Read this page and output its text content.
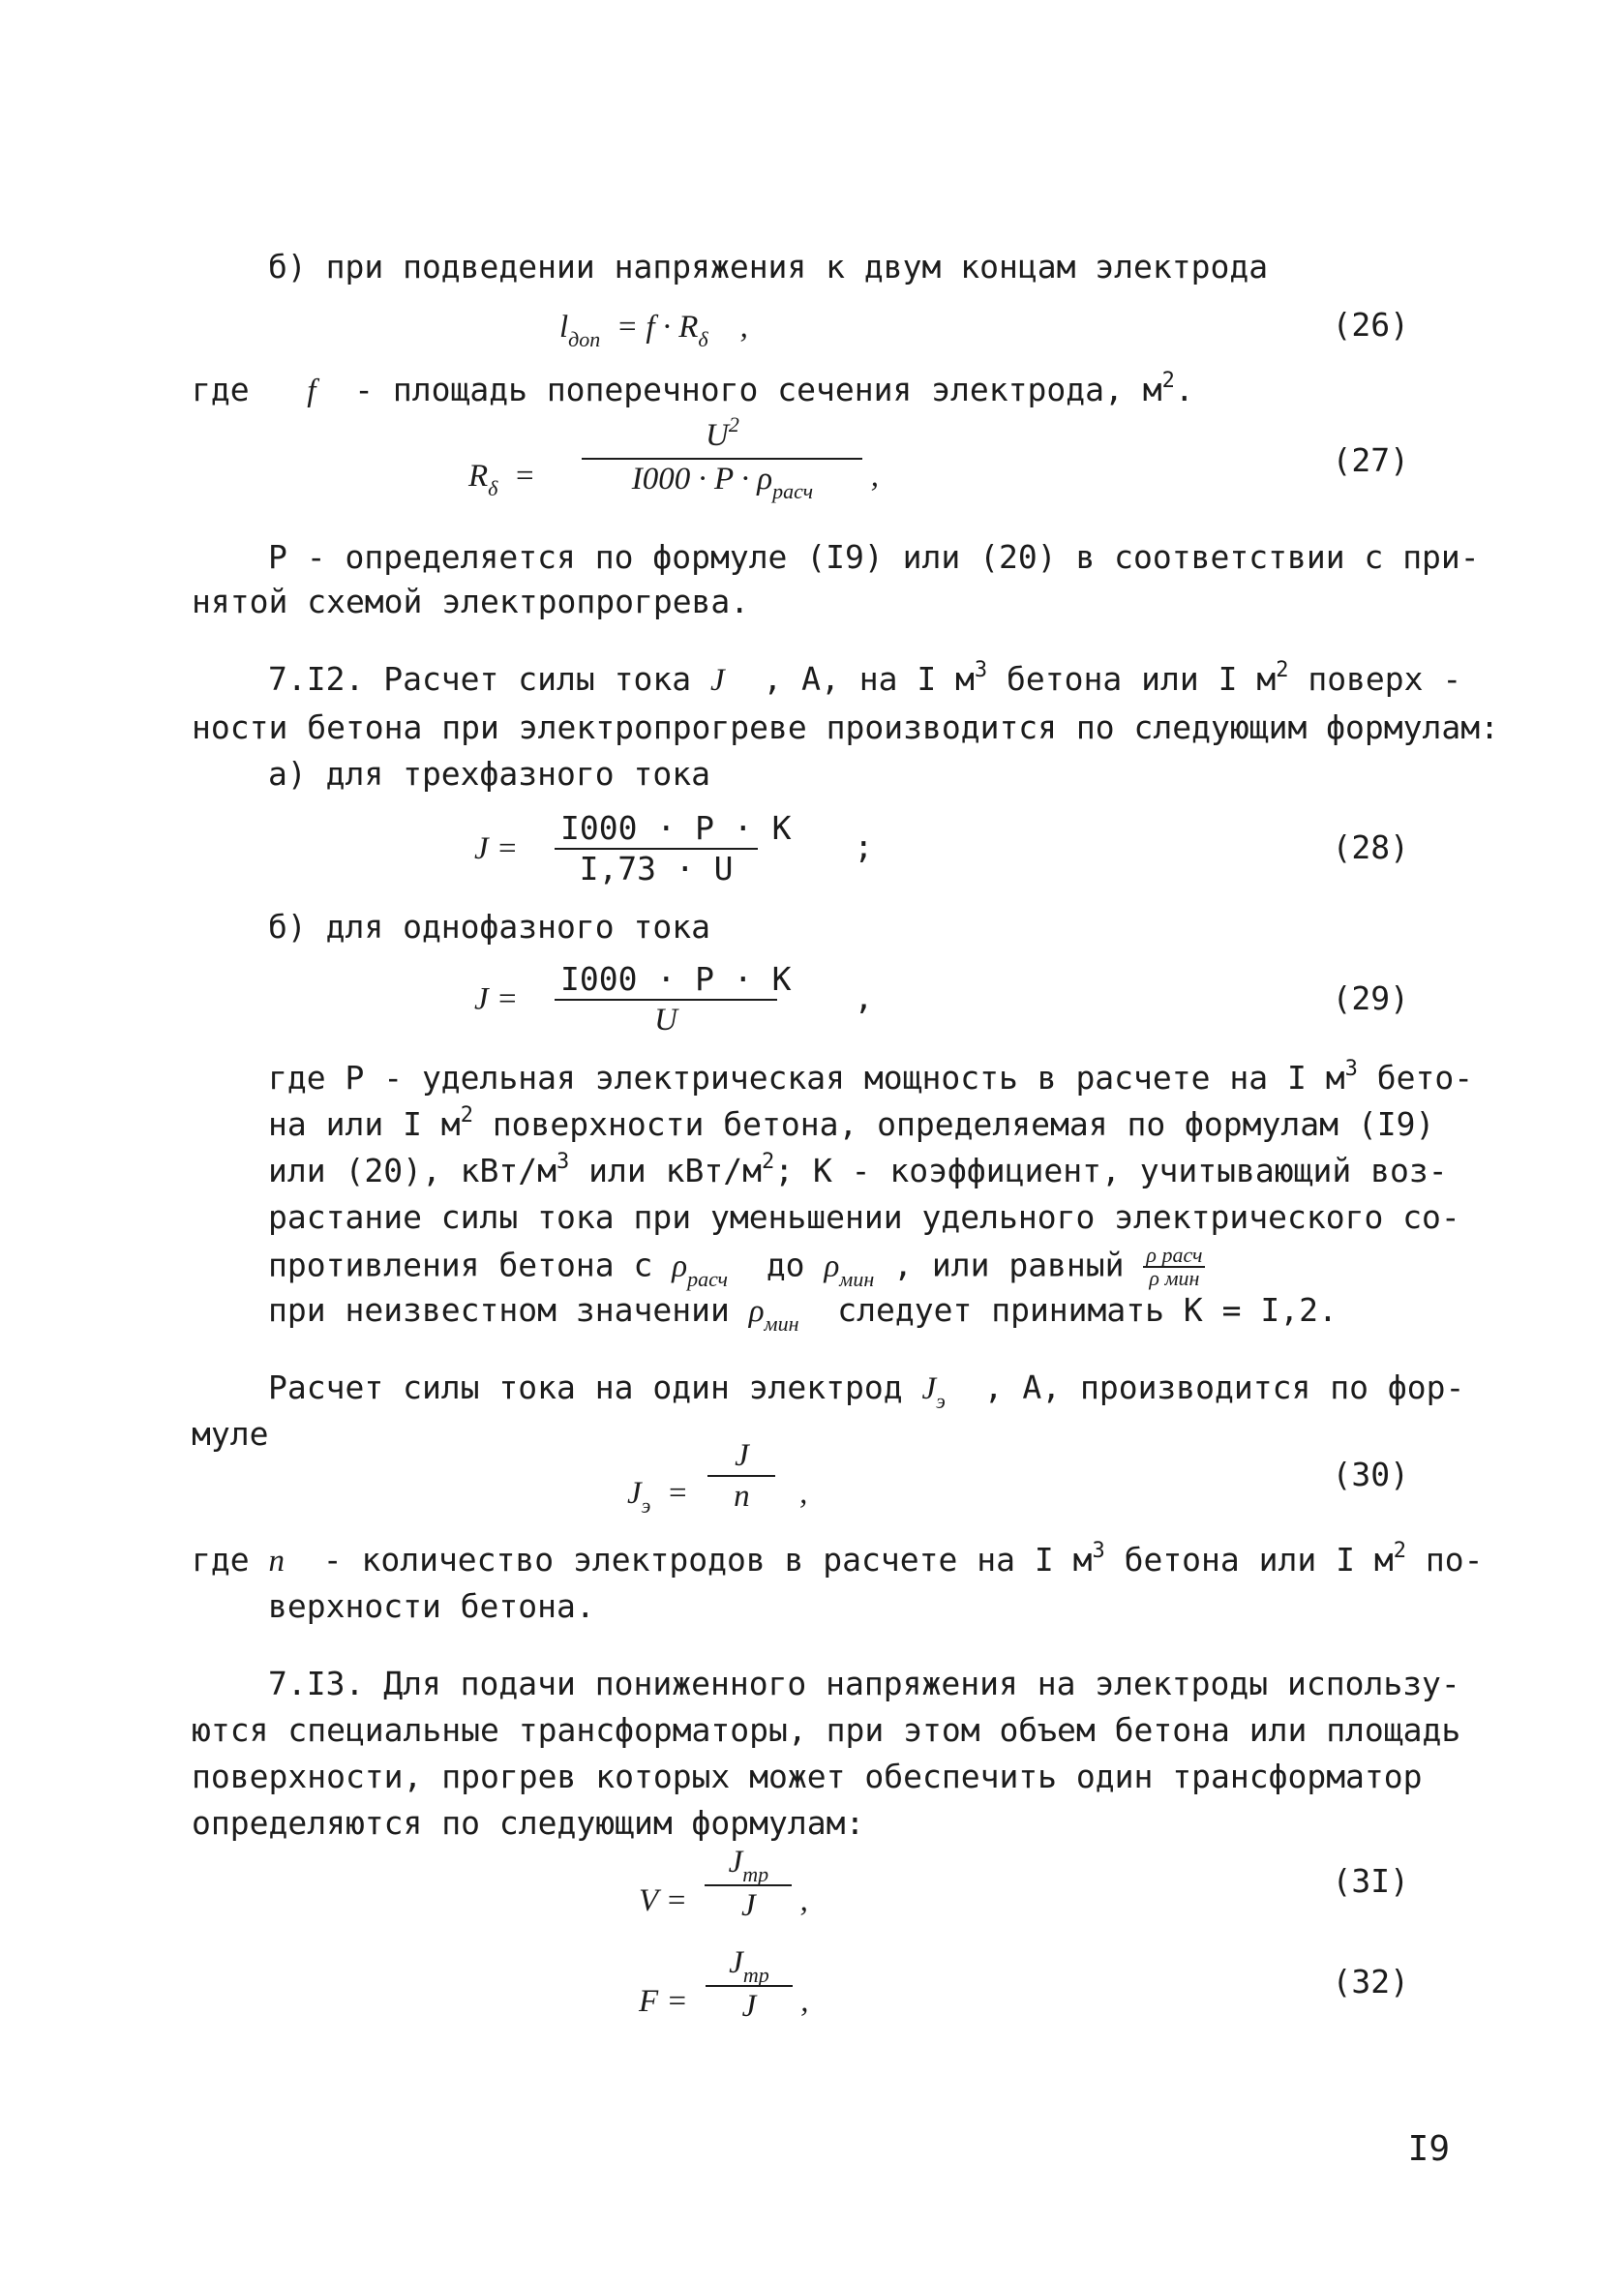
б) при подведении напряжения к двум концам электрода
$l_{доп} = f \cdot R_\delta$ ,	(26)
где f - площадь поперечного сечения электрода, $м^2$.
$R_\delta = \frac{U^2}{I000 \cdot P \cdot \rho_{расч}}$ ,	(27)
Р - определяется по формуле (I9) или (20) в соответствии с при-
нятой схемой электропрогрева.
7.I2. Расчет силы тока J , А, на I $м^3$ бетона или I $м^2$ поверх -
ности бетона при электропрогреве производится по следующим формулам:
а) для трехфазного тока
$J = \frac{I000 \cdot P \cdot K}{I,73 \cdot U}$	;	(28)
б) для однофазного тока
$J = \frac{I000 \cdot P \cdot K}{U}$ ,	(29)
где Р - удельная электрическая мощность в расчете на I $м^3$ бето-
на или I $м^2$ поверхности бетона, определяемая по формулам (I9)
или (20), кВт/$м^3$ или кВт/$м^2$; К - коэффициент, учитывающий воз-
растание силы тока при уменьшении удельного электрического со-
противления бетона с $\rho_{расч}$ до $\rho_{мин}$ , или равный $\frac{\text{ρ расч}}{\text{ρ мин}}$
при неизвестном значении $\rho_{мин}$ следует принимать К = I,2.
Расчет силы тока на один электрод $J_э$ , А, производится по фор-
муле
$J_э = \frac{J}{n}$ ,	(30)
где n - количество электродов в расчете на I $м^3$ бетона или I $м^2$ по-
верхности бетона.
7.I3. Для подачи пониженного напряжения на электроды использу-
ются специальные трансформаторы, при этом объем бетона или площадь
поверхности, прогрев которых может обеспечить один трансформатор
определяются по следующим формулам:
$V = \frac{J_{тр}}{J}$ ,
(3I)
$F = \frac{J_{тр}}{J}$ ,
(32)
I9
